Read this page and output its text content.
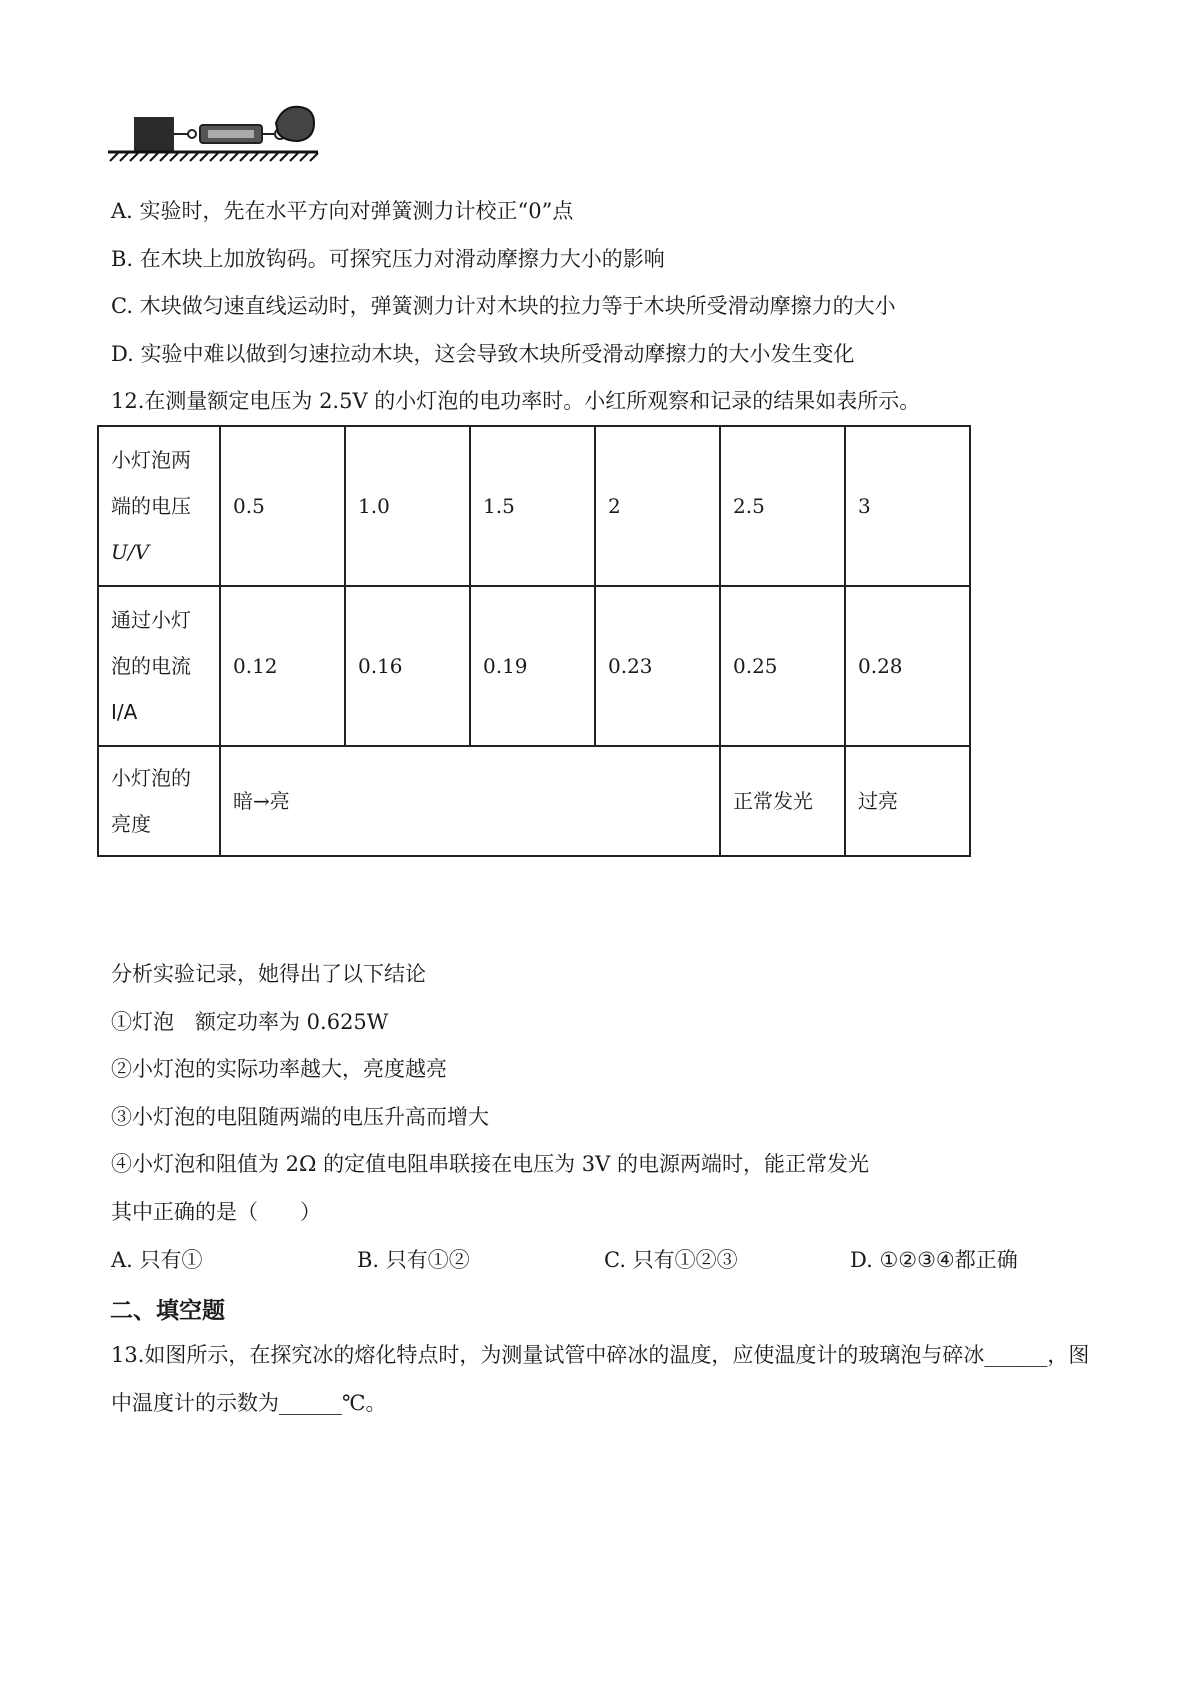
A. 实验时，先在水平方向对弹簧测力计校正“0”点
B. 在木块上加放钩码。可探究压力对滑动摩擦力大小的影响
C. 木块做匀速直线运动时，弹簧测力计对木块的拉力等于木块所受滑动摩擦力的大小
D. 实验中难以做到匀速拉动木块，这会导致木块所受滑动摩擦力的大小发生变化
12.在测量额定电压为 2.5V 的小灯泡的电功率时。小红所观察和记录的结果如表所示。
小灯泡两
端的电压
U/V	0.5	1.0	1.5	2	2.5	3

通过小灯
泡的电流
I/A	0.12	0.16	0.19	0.23	0.25	0.28

小灯泡的
亮度	暗→亮				正常发光	过亮
分析实验记录，她得出了以下结论
①灯泡　额定功率为 0.625W
②小灯泡的实际功率越大，亮度越亮
③小灯泡的电阻随两端的电压升高而增大
④小灯泡和阻值为 2Ω 的定值电阻串联接在电压为 3V 的电源两端时，能正常发光
其中正确的是（　　）
A. 只有①	B. 只有①②	C. 只有①②③	D. ①②③④都正确
二、填空题
13.如图所示，在探究冰的熔化特点时，为测量试管中碎冰的温度，应使温度计的玻璃泡与碎冰______，图
中温度计的示数为______℃。
